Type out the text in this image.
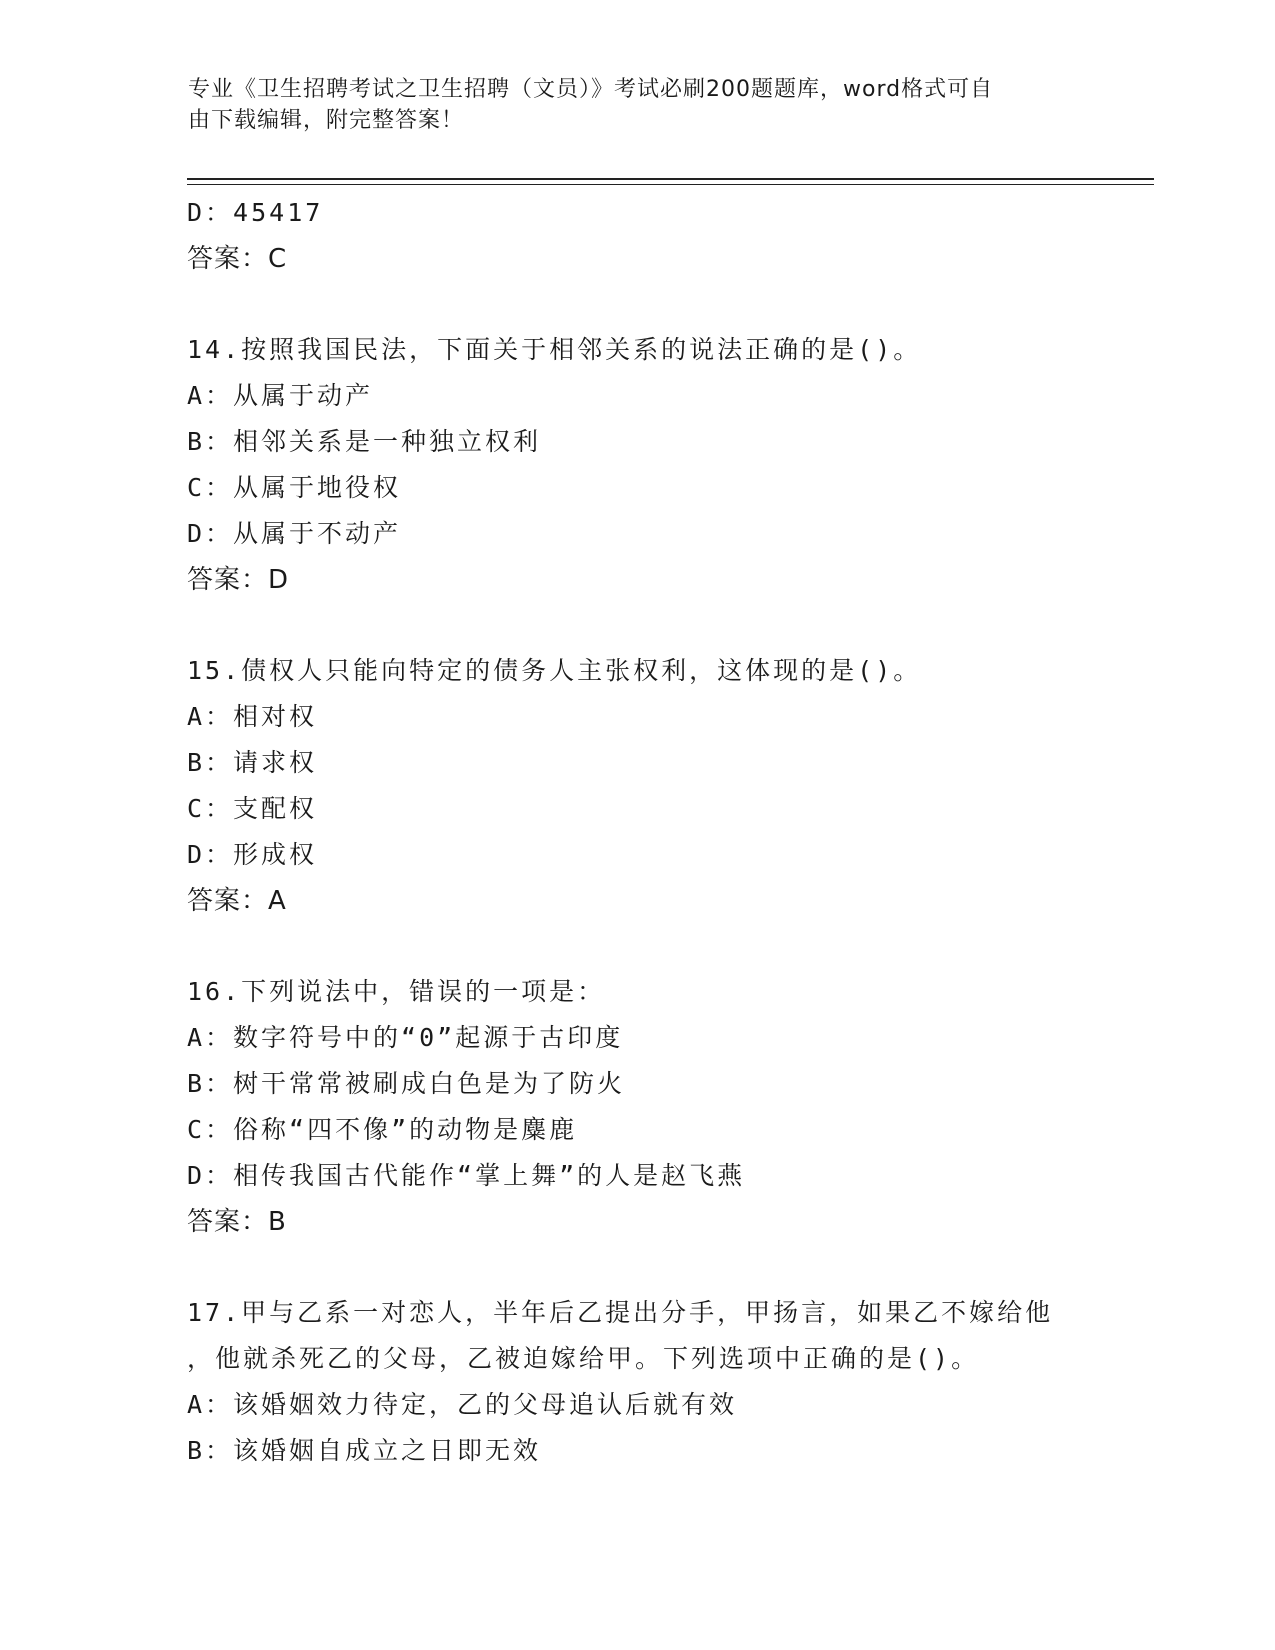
专业《卫生招聘考试之卫生招聘（文员）》考试必刷200题题库，word格式可自
由下载编辑，附完整答案！
D：45417
答案：C
14.按照我国民法，下面关于相邻关系的说法正确的是()。
A：从属于动产
B：相邻关系是一种独立权利
C：从属于地役权
D：从属于不动产
答案：D
15.债权人只能向特定的债务人主张权利，这体现的是()。
A：相对权
B：请求权
C：支配权
D：形成权
答案：A
16.下列说法中，错误的一项是：
A：数字符号中的“0”起源于古印度
B：树干常常被刷成白色是为了防火
C：俗称“四不像”的动物是麋鹿
D：相传我国古代能作“掌上舞”的人是赵飞燕
答案：B
17.甲与乙系一对恋人，半年后乙提出分手，甲扬言，如果乙不嫁给他
，他就杀死乙的父母，乙被迫嫁给甲。下列选项中正确的是()。
A：该婚姻效力待定，乙的父母追认后就有效
B：该婚姻自成立之日即无效
